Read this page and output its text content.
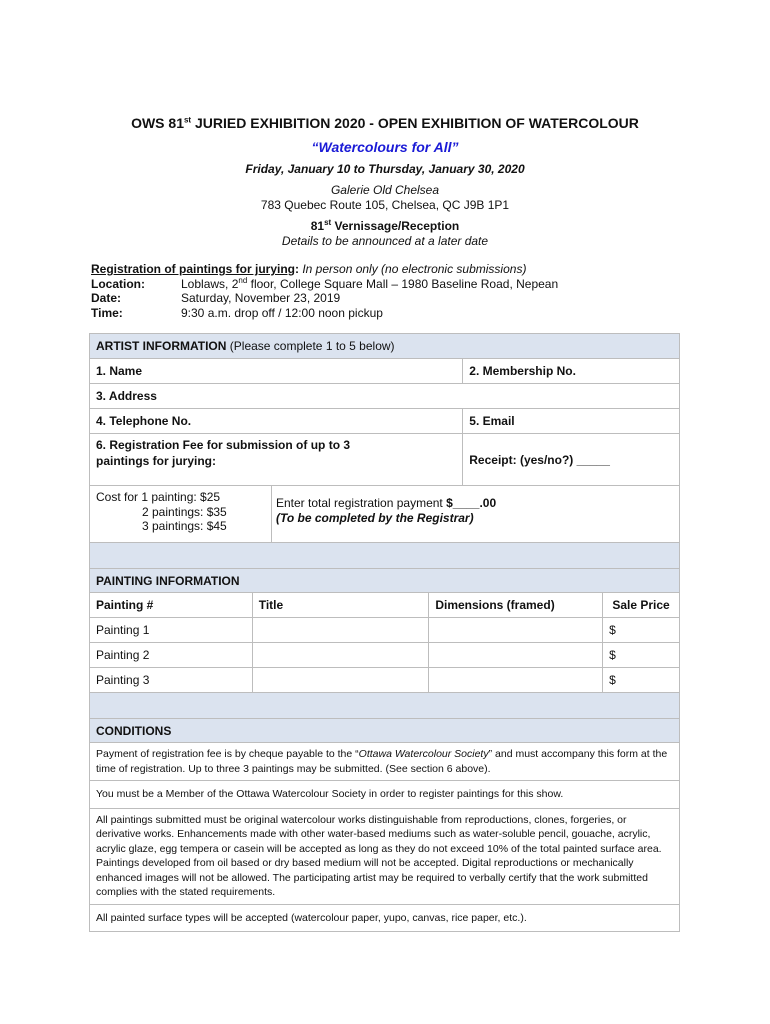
OWS 81st JURIED EXHIBITION 2020 - OPEN EXHIBITION OF WATERCOLOUR
“Watercolours for All”
Friday, January 10 to Thursday, January 30, 2020
Galerie Old Chelsea
783 Quebec Route 105, Chelsea, QC J9B 1P1
81st Vernissage/Reception
Details to be announced at a later date
Registration of paintings for jurying: In person only (no electronic submissions)
Location:	Loblaws, 2nd floor, College Square Mall – 1980 Baseline Road, Nepean
Date:	Saturday, November 23, 2019
Time:	9:30 a.m. drop off / 12:00 noon pickup
ARTIST INFORMATION (Please complete 1 to 5 below)				
1. Name			2. Membership No.	
3. Address				
4. Telephone No.			5. Email	
6. Registration Fee for submission of up to 3
paintings for jurying:			Receipt: (yes/no?) _____	

Cost for 1 painting: $25
2 paintings: $35
3 paintings: $45
Enter total registration payment $____.00
(To be completed by the Registrar)				

PAINTING INFORMATION				
Painting #	Title	Dimensions (framed)		Sale Price
Painting 1				$
Painting 2				$
Painting 3				$

CONDITIONS				
Payment of registration fee is by cheque payable to the “Ottawa Watercolour Society” and must accompany this form at the time of registration. Up to three 3 paintings may be submitted. (See section 6 above).				
You must be a Member of the Ottawa Watercolour Society in order to register paintings for this show.				
All paintings submitted must be original watercolour works distinguishable from reproductions, clones, forgeries, or derivative works. Enhancements made with other water-based mediums such as water-soluble pencil, gouache, acrylic, acrylic glaze, egg tempera or casein will be accepted as long as they do not exceed 10% of the total painted surface area. Paintings developed from oil based or dry based medium will not be accepted. Digital reproductions or mechanically enhanced images will not be allowed. The participating artist may be required to verbally certify that the work submitted complies with the stated requirements.				
All painted surface types will be accepted (watercolour paper, yupo, canvas, rice paper, etc.).				
